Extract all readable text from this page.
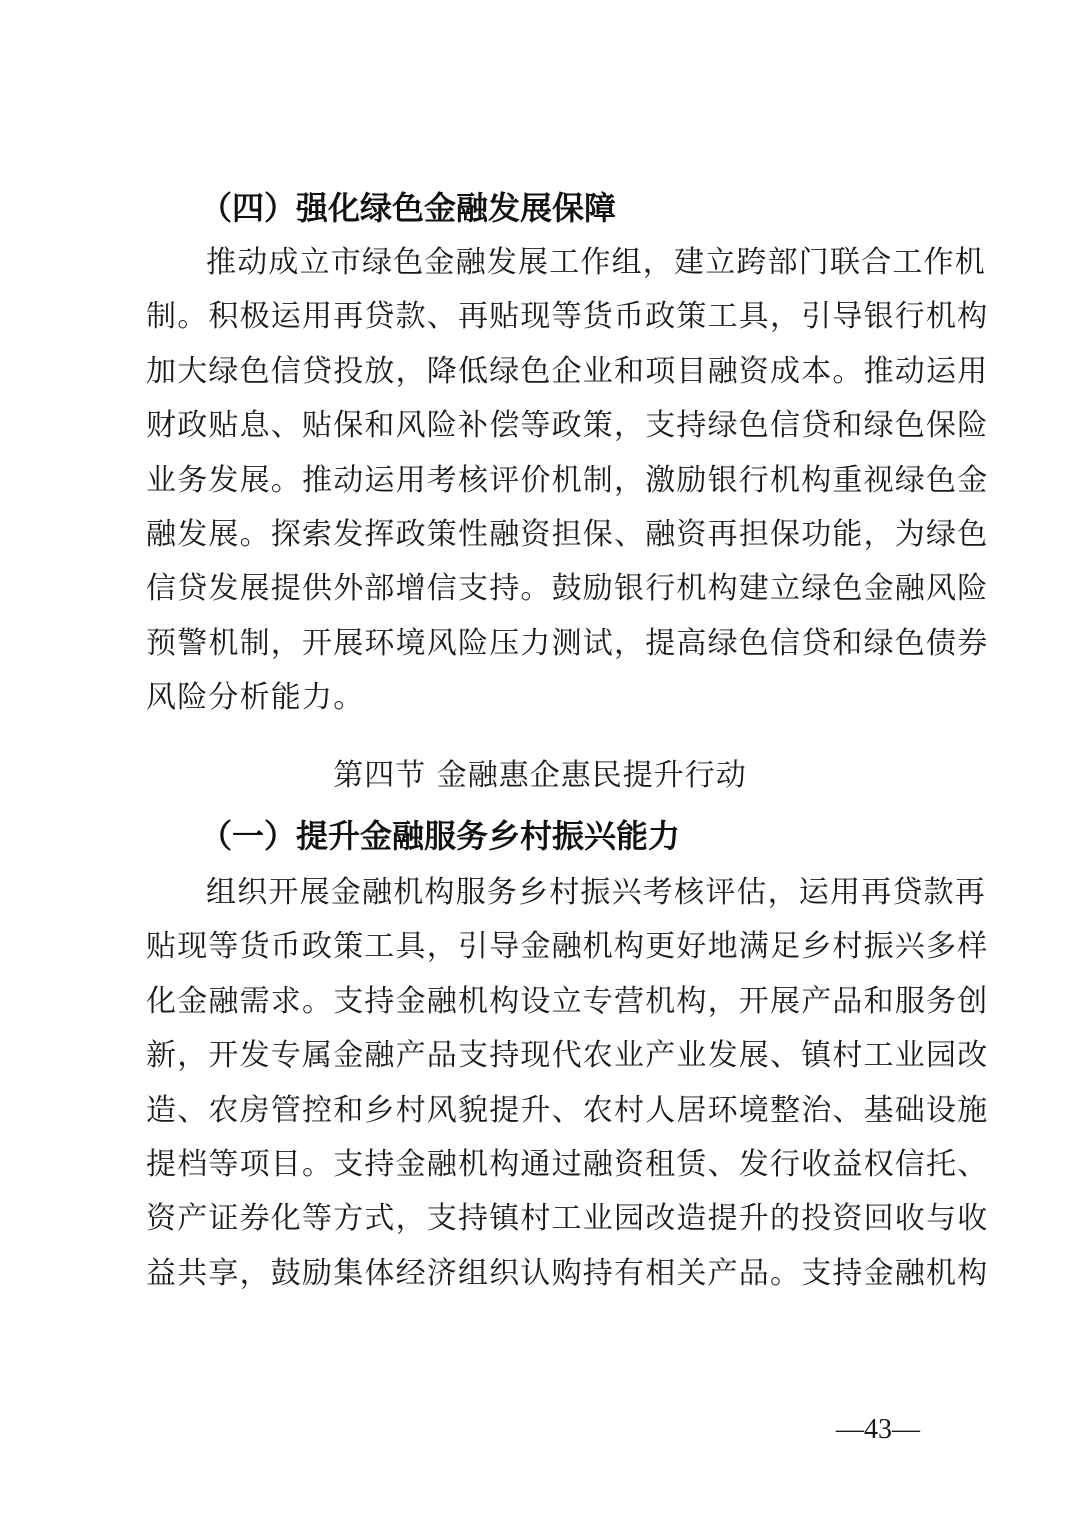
（四）强化绿色金融发展保障
推动成立市绿色金融发展工作组，建立跨部门联合工作机
制。积极运用再贷款、再贴现等货币政策工具，引导银行机构
加大绿色信贷投放，降低绿色企业和项目融资成本。推动运用
财政贴息、贴保和风险补偿等政策，支持绿色信贷和绿色保险
业务发展。推动运用考核评价机制，激励银行机构重视绿色金
融发展。探索发挥政策性融资担保、融资再担保功能，为绿色
信贷发展提供外部增信支持。鼓励银行机构建立绿色金融风险
预警机制，开展环境风险压力测试，提高绿色信贷和绿色债券
风险分析能力。
第四节 金融惠企惠民提升行动
（一）提升金融服务乡村振兴能力
组织开展金融机构服务乡村振兴考核评估，运用再贷款再
贴现等货币政策工具，引导金融机构更好地满足乡村振兴多样
化金融需求。支持金融机构设立专营机构，开展产品和服务创
新，开发专属金融产品支持现代农业产业发展、镇村工业园改
造、农房管控和乡村风貌提升、农村人居环境整治、基础设施
提档等项目。支持金融机构通过融资租赁、发行收益权信托、
资产证券化等方式，支持镇村工业园改造提升的投资回收与收
益共享，鼓励集体经济组织认购持有相关产品。支持金融机构
—43—
